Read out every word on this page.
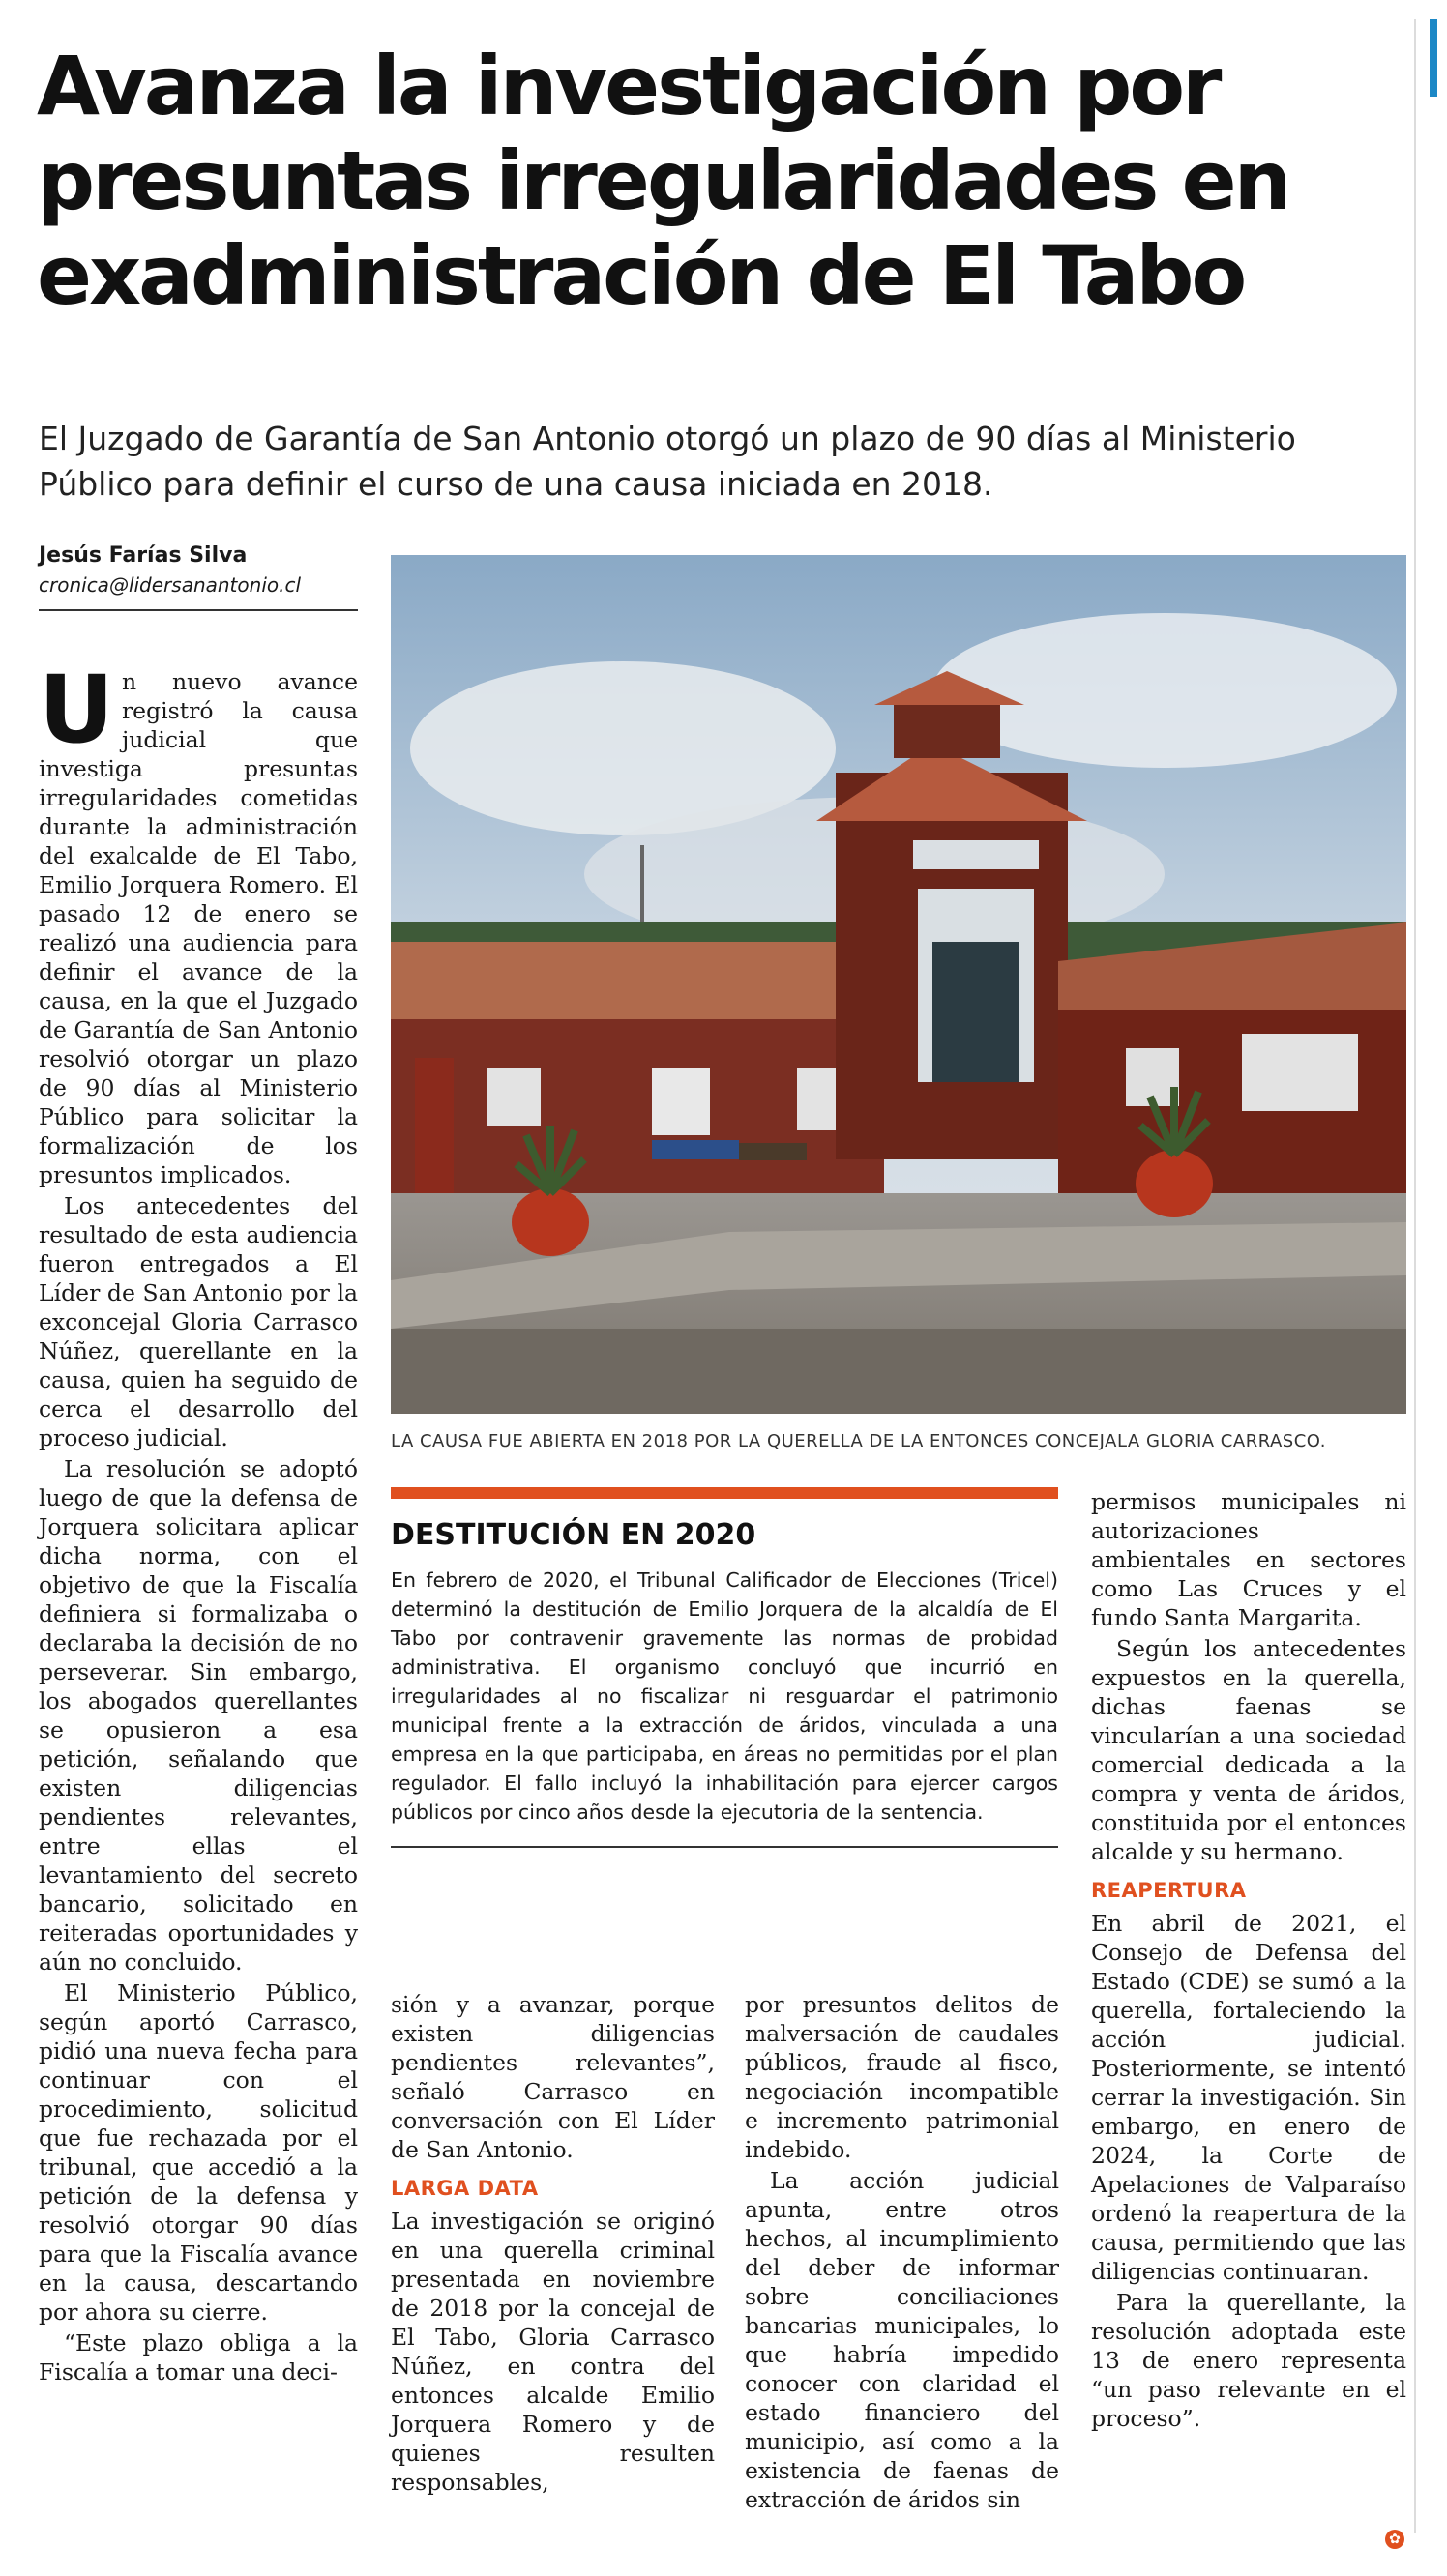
Avanza la investigación por presuntas irregularidades en exadministración de El Tabo

El Juzgado de Garantía de San Antonio otorgó un plazo de 90 días al Ministerio Público para definir el curso de una causa iniciada en 2018.

Jesús Farías Silva
cronica@lidersanantonio.cl

Un nuevo avance registró la causa judicial que investiga presuntas irregularidades cometidas durante la administración del exalcalde de El Tabo, Emilio Jorquera Romero. El pasado 12 de enero se realizó una audiencia para definir el avance de la causa, en la que el Juzgado de Garantía de San Antonio resolvió otorgar un plazo de 90 días al Ministerio Público para solicitar la formalización de los presuntos implicados.

Los antecedentes del resultado de esta audiencia fueron entregados a El Líder de San Antonio por la exconcejal Gloria Carrasco Núñez, querellante en la causa, quien ha seguido de cerca el desarrollo del proceso judicial.

La resolución se adoptó luego de que la defensa de Jorquera solicitara aplicar dicha norma, con el objetivo de que la Fiscalía definiera si formalizaba o declaraba la decisión de no perseverar. Sin embargo, los abogados querellantes se opusieron a esa petición, señalando que existen diligencias pendientes relevantes, entre ellas el levantamiento del secreto bancario, solicitado en reiteradas oportunidades y aún no concluido.

El Ministerio Público, según aportó Carrasco, pidió una nueva fecha para continuar con el procedimiento, solicitud que fue rechazada por el tribunal, que accedió a la petición de la defensa y resolvió otorgar 90 días para que la Fiscalía avance en la causa, descartando por ahora su cierre.

“Este plazo obliga a la Fiscalía a tomar una deci-

LA CAUSA FUE ABIERTA EN 2018 POR LA QUERELLA DE LA ENTONCES CONCEJALA GLORIA CARRASCO.
DESTITUCIÓN EN 2020
En febrero de 2020, el Tribunal Calificador de Elecciones (Tricel) determinó la destitución de Emilio Jorquera de la alcaldía de El Tabo por contravenir gravemente las normas de probidad administrativa. El organismo concluyó que incurrió en irregularidades al no fiscalizar ni resguardar el patrimonio municipal frente a la extracción de áridos, vinculada a una empresa en la que participaba, en áreas no permitidas por el plan regulador. El fallo incluyó la inhabilitación para ejercer cargos públicos por cinco años desde la ejecutoria de la sentencia.

sión y a avanzar, porque existen diligencias pendientes relevantes”, señaló Carrasco en conversación con El Líder de San Antonio.

LARGA DATA

La investigación se originó en una querella criminal presentada en noviembre de 2018 por la concejal de El Tabo, Gloria Carrasco Núñez, en contra del entonces alcalde Emilio Jorquera Romero y de quienes resulten responsables,

por presuntos delitos de malversación de caudales públicos, fraude al fisco, negociación incompatible e incremento patrimonial indebido.

La acción judicial apunta, entre otros hechos, al incumplimiento del deber de informar sobre conciliaciones bancarias municipales, lo que habría impedido conocer con claridad el estado financiero del municipio, así como a la existencia de faenas de extracción de áridos sin

permisos municipales ni autorizaciones ambientales en sectores como Las Cruces y el fundo Santa Margarita.

Según los antecedentes expuestos en la querella, dichas faenas se vincularían a una sociedad comercial dedicada a la compra y venta de áridos, constituida por el entonces alcalde y su hermano.

REAPERTURA

En abril de 2021, el Consejo de Defensa del Estado (CDE) se sumó a la querella, fortaleciendo la acción judicial. Posteriormente, se intentó cerrar la investigación. Sin embargo, en enero de 2024, la Corte de Apelaciones de Valparaíso ordenó la reapertura de la causa, permitiendo que las diligencias continuaran.

Para la querellante, la resolución adoptada este 13 de enero representa “un paso relevante en el proceso”.

✿
